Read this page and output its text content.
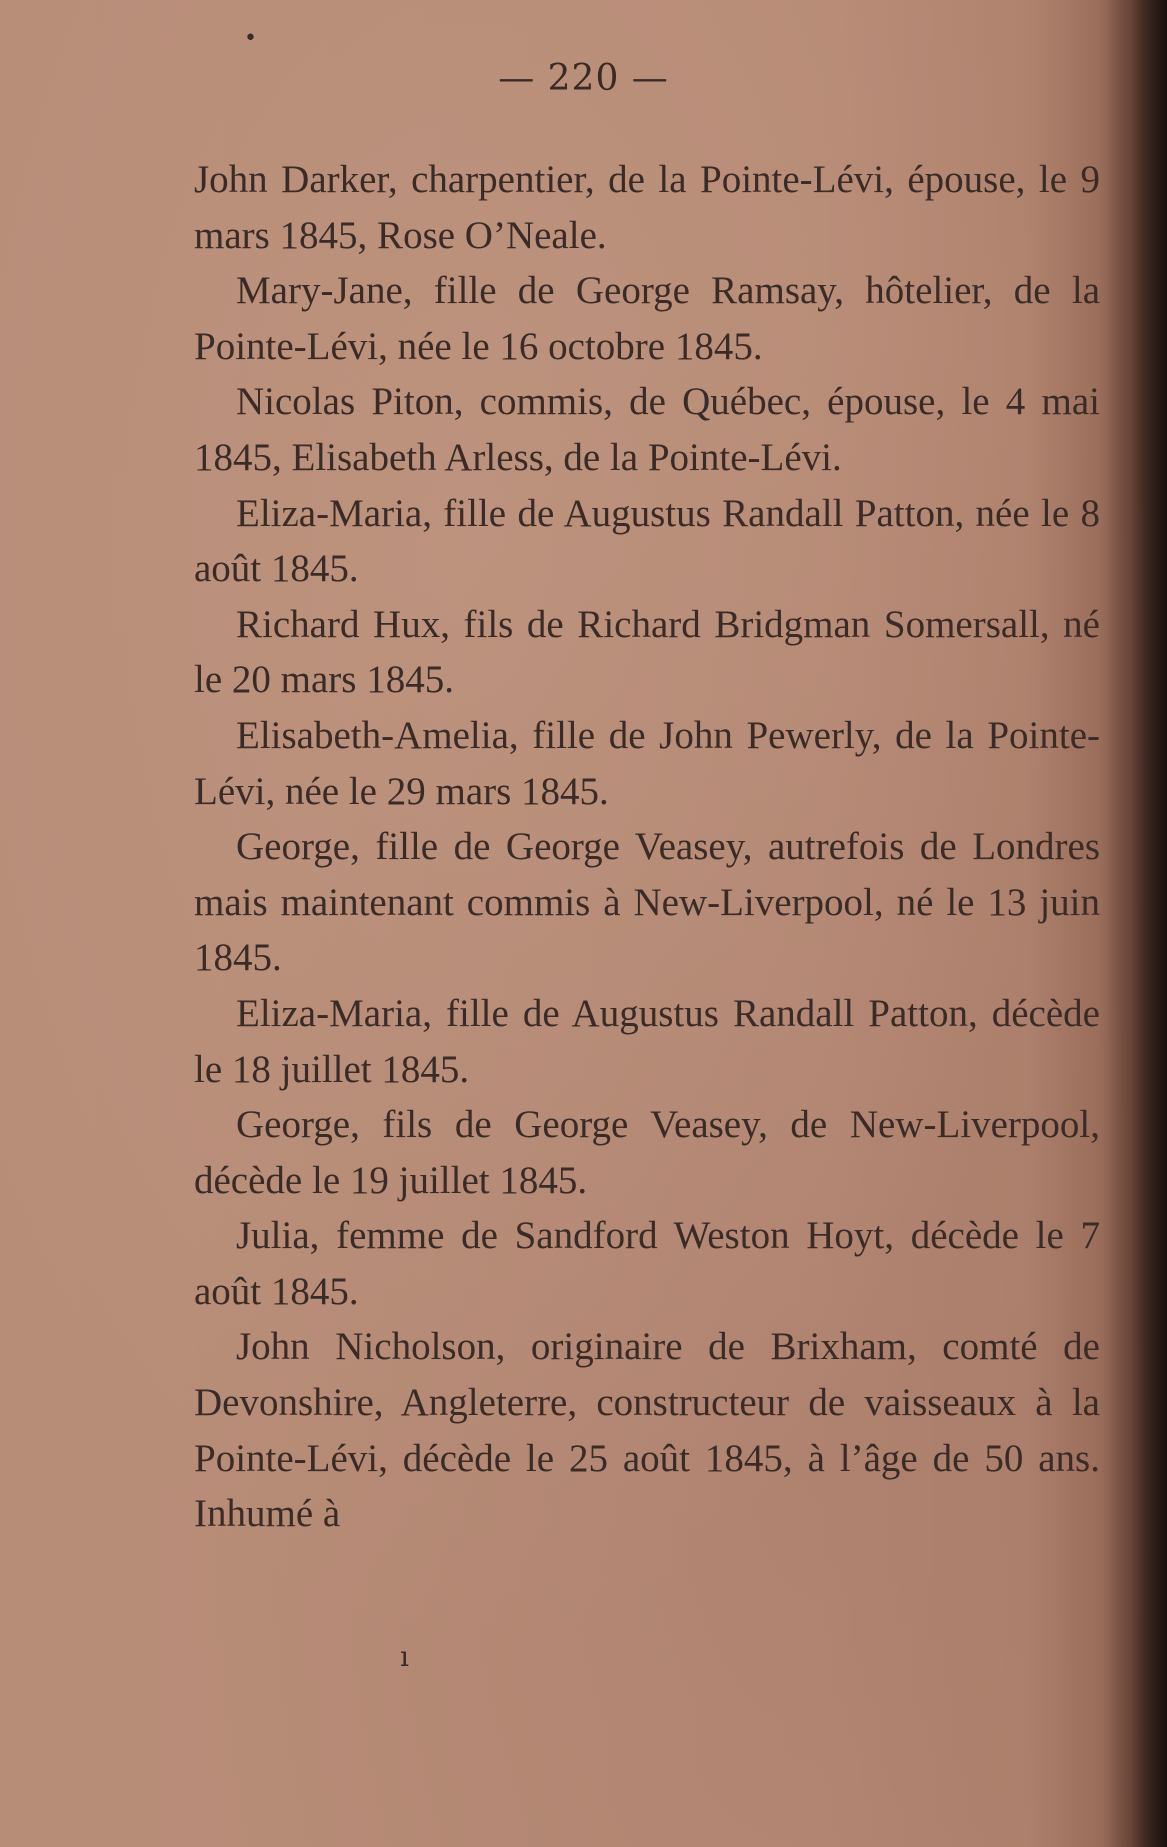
•
— 220 —

John Darker, charpentier, de la Pointe-Lévi, épouse, le 9 mars 1845, Rose O’Neale.

Mary-Jane, fille de George Ramsay, hôtelier, de la Pointe-Lévi, née le 16 octobre 1845.

Nicolas Piton, commis, de Québec, épouse, le 4 mai 1845, Elisabeth Arless, de la Pointe-Lévi.

Eliza-Maria, fille de Augustus Randall Patton, née le 8 août 1845.

Richard Hux, fils de Richard Bridgman Somersall, né le 20 mars 1845.

Elisabeth-Amelia, fille de John Pewerly, de la Pointe-Lévi, née le 29 mars 1845.

George, fille de George Veasey, autrefois de Londres mais maintenant commis à New-Liverpool, né le 13 juin 1845.

Eliza-Maria, fille de Augustus Randall Patton, décède le 18 juillet 1845.

George, fils de George Veasey, de New-Liverpool, décède le 19 juillet 1845.

Julia, femme de Sandford Weston Hoyt, décède le 7 août 1845.

John Nicholson, originaire de Brixham, comté de Devonshire, Angleterre, constructeur de vaisseaux à la Pointe-Lévi, décède le 25 août 1845, à l’âge de 50 ans. Inhumé à

ı
